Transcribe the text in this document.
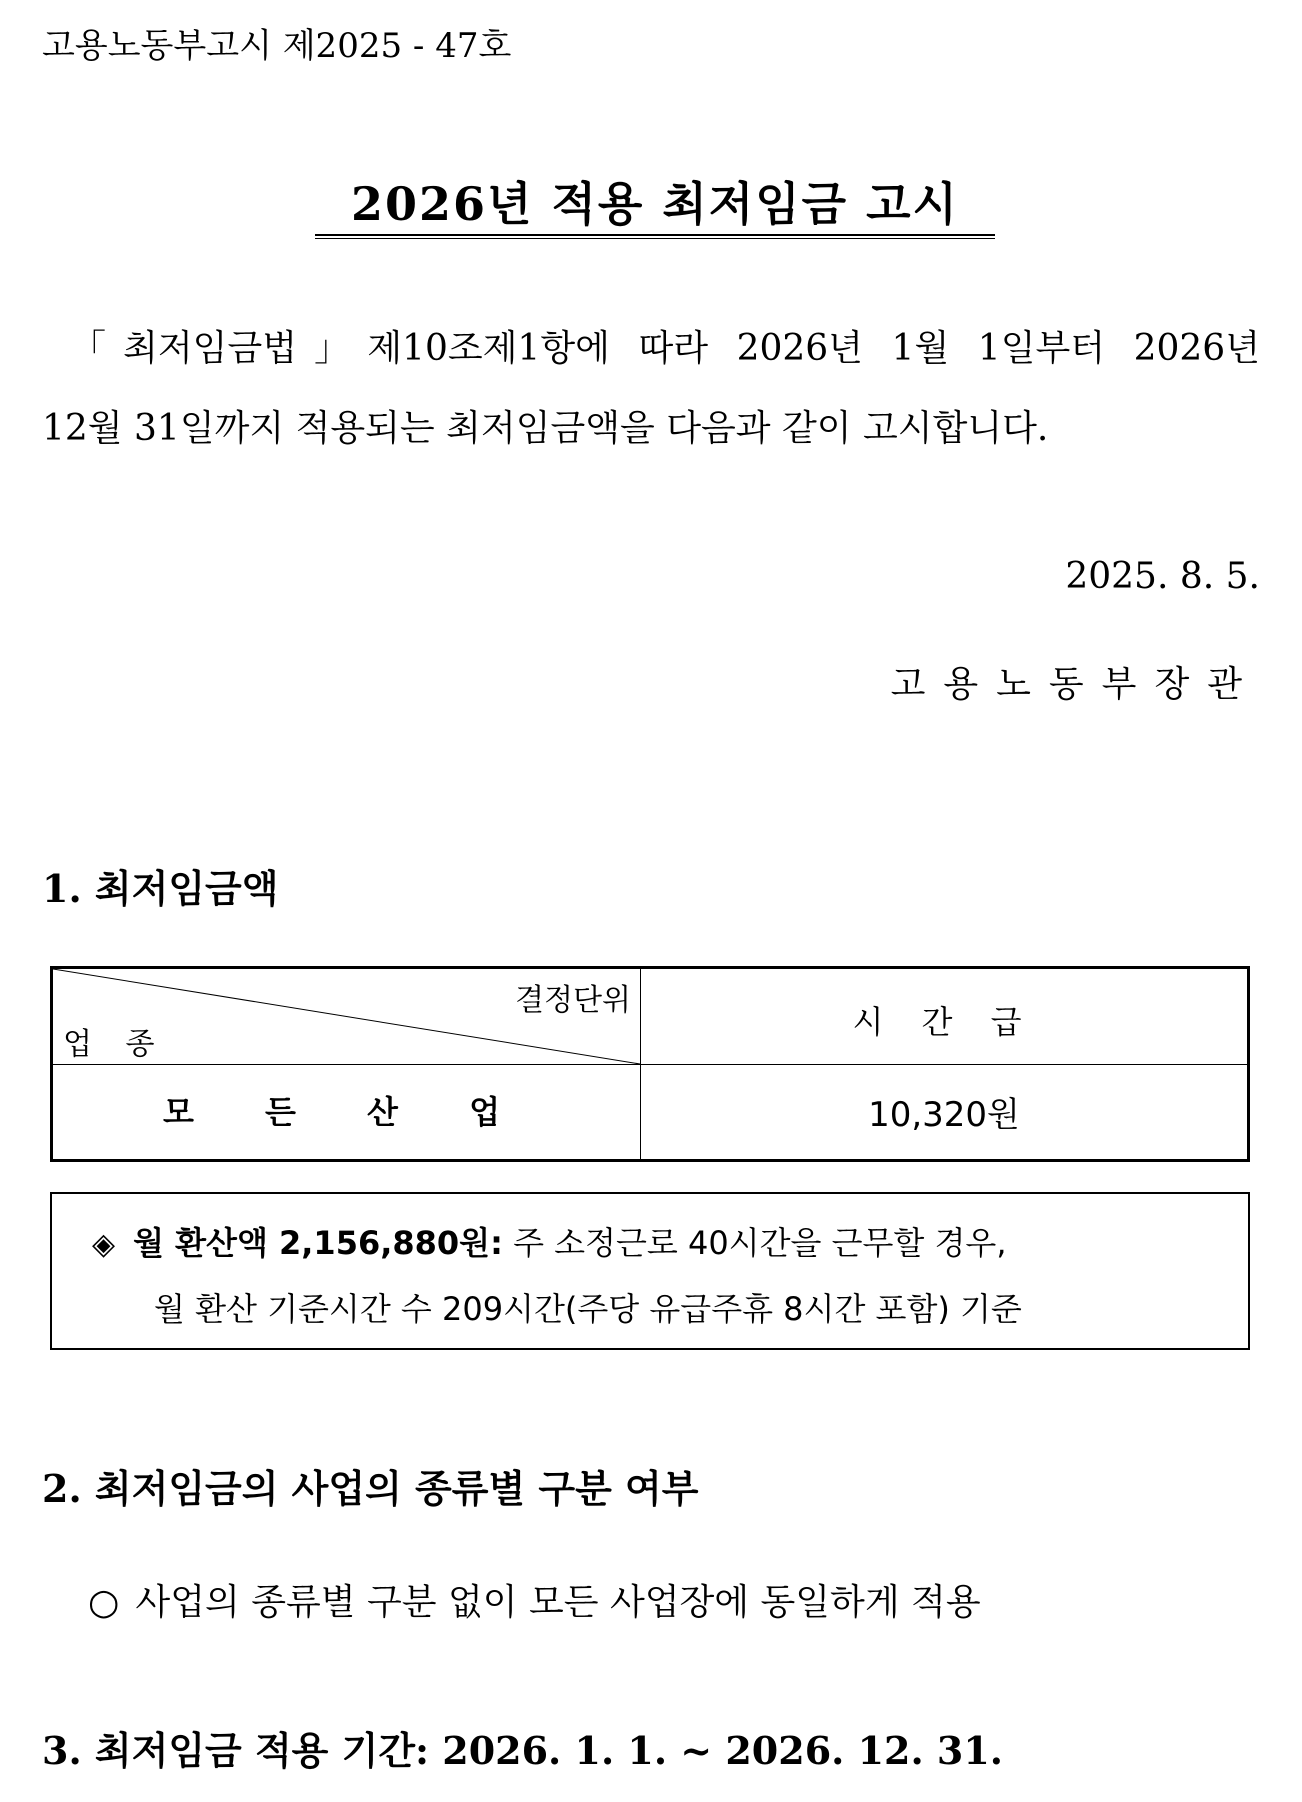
고용노동부고시 제2025 - 47호
2026년 적용 최저임금 고시
「최저임금법」제10조제1항에 따라 2026년 1월 1일부터 2026년
12월 31일까지 적용되는 최저임금액을 다음과 같이 고시합니다.
2025. 8. 5.
고용노동부장관
1. 최저임금액
결정단위
업 종
시 간 급
모 든 산 업	10,320원
◈ 월 환산액 2,156,880원: 주 소정근로 40시간을 근무할 경우,
월 환산 기준시간 수 209시간(주당 유급주휴 8시간 포함) 기준
2. 최저임금의 사업의 종류별 구분 여부
○ 사업의 종류별 구분 없이 모든 사업장에 동일하게 적용
3. 최저임금 적용 기간: 2026. 1. 1. ~ 2026. 12. 31.
